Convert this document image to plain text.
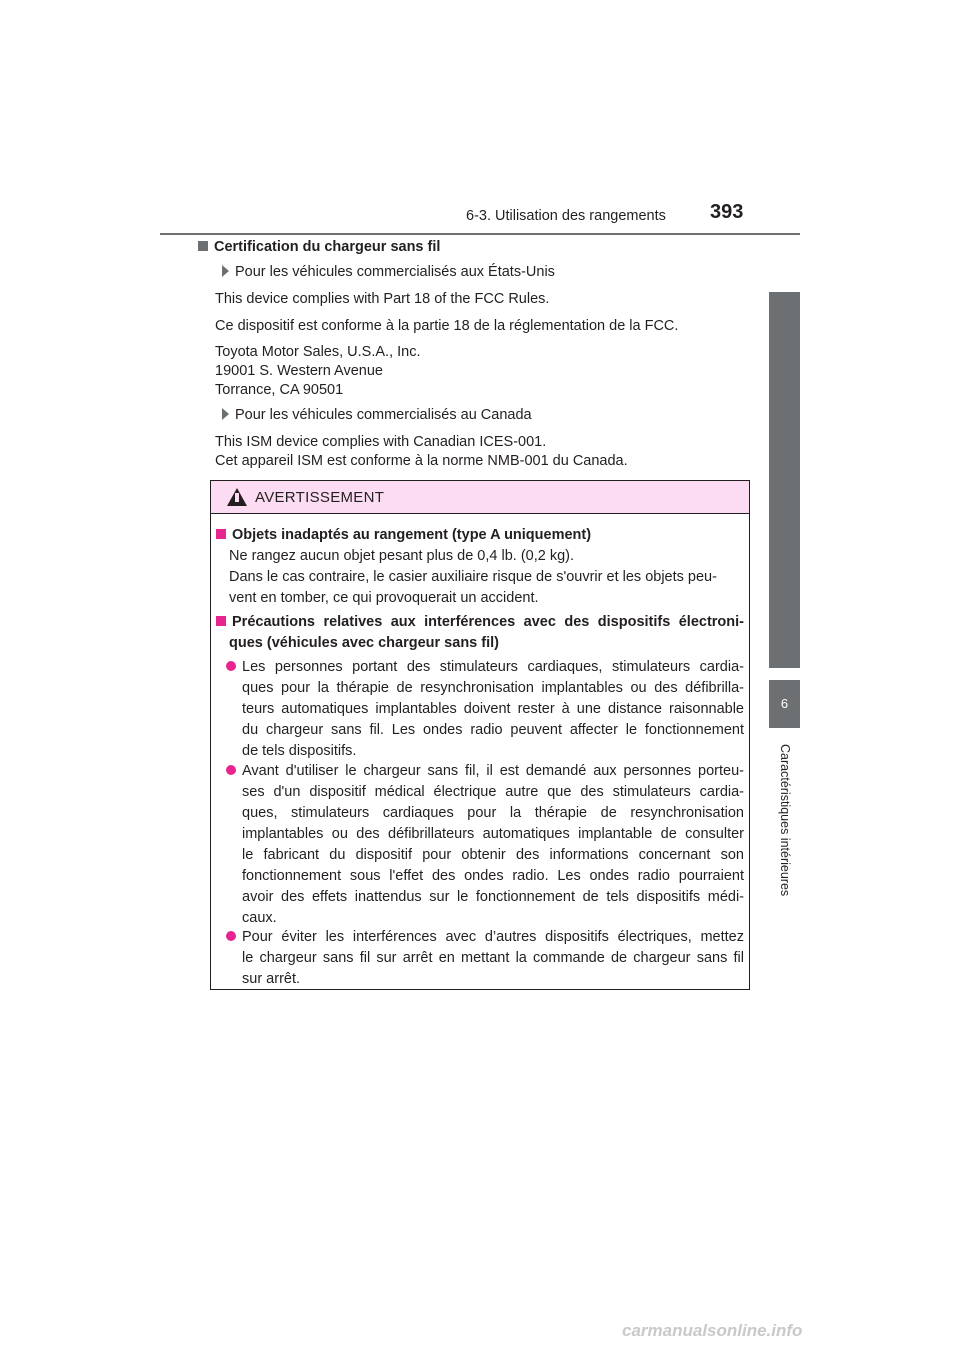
6-3. Utilisation des rangements 393
6
Caractéristiques intérieures
Certification du chargeur sans fil
Pour les véhicules commercialisés aux États-Unis
This device complies with Part 18 of the FCC Rules.
Ce dispositif est conforme à la partie 18 de la réglementation de la FCC.
Toyota Motor Sales, U.S.A., Inc.
19001 S. Western Avenue
Torrance, CA 90501
Pour les véhicules commercialisés au Canada
This ISM device complies with Canadian ICES-001.
Cet appareil ISM est conforme à la norme NMB-001 du Canada.
AVERTISSEMENT
Objets inadaptés au rangement (type A uniquement)
Ne rangez aucun objet pesant plus de 0,4 lb. (0,2 kg).
Dans le cas contraire, le casier auxiliaire risque de s'ouvrir et les objets peu-
vent en tomber, ce qui provoquerait un accident.
Précautions relatives aux interférences avec des dispositifs électroni-
ques (véhicules avec chargeur sans fil)
Les personnes portant des stimulateurs cardiaques, stimulateurs cardia-
ques pour la thérapie de resynchronisation implantables ou des défibrilla-
teurs automatiques implantables doivent rester à une distance raisonnable
du chargeur sans fil. Les ondes radio peuvent affecter le fonctionnement
de tels dispositifs.
Avant d'utiliser le chargeur sans fil, il est demandé aux personnes porteu-
ses d'un dispositif médical électrique autre que des stimulateurs cardia-
ques, stimulateurs cardiaques pour la thérapie de resynchronisation
implantables ou des défibrillateurs automatiques implantable de consulter
le fabricant du dispositif pour obtenir des informations concernant son
fonctionnement sous l'effet des ondes radio. Les ondes radio pourraient
avoir des effets inattendus sur le fonctionnement de tels dispositifs médi-
caux.
Pour éviter les interférences avec d’autres dispositifs électriques, mettez
le chargeur sans fil sur arrêt en mettant la commande de chargeur sans fil
sur arrêt.
carmanualsonline.info
